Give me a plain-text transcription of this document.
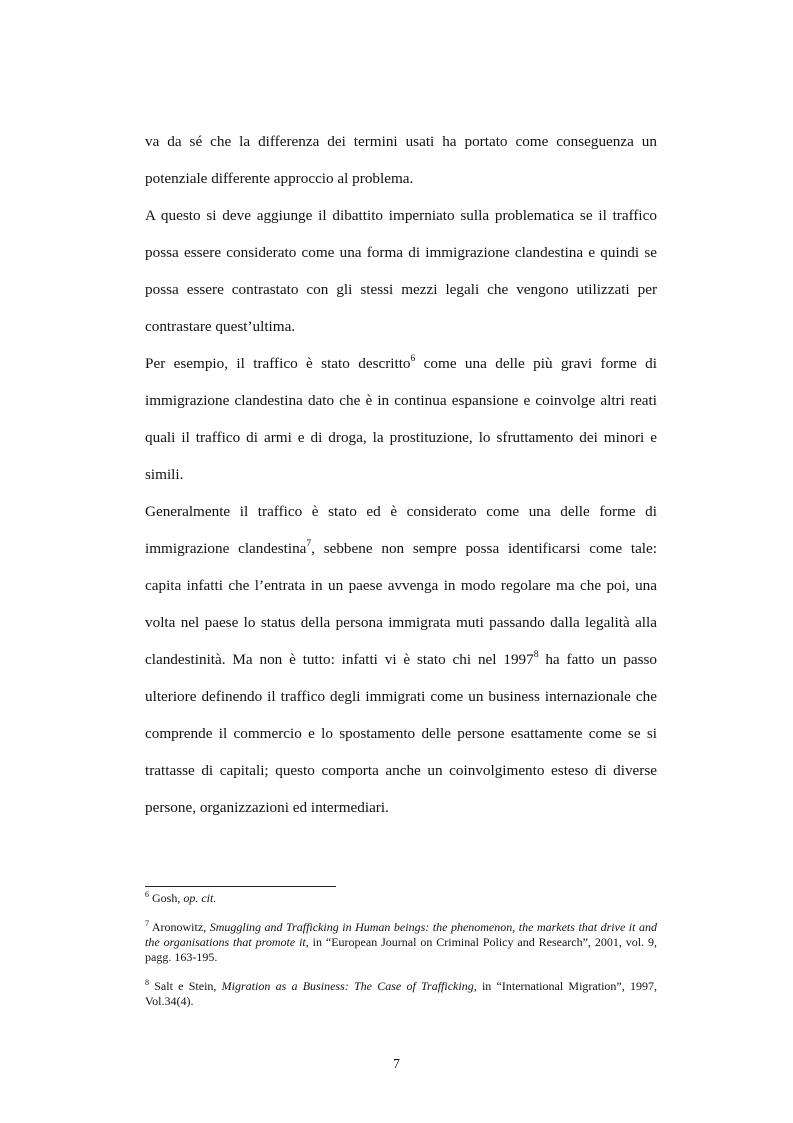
va da sé che la differenza dei termini usati ha portato come conseguenza un potenziale differente approccio al problema.

A questo si deve aggiunge il dibattito imperniato sulla problematica se il traffico possa essere considerato come una forma di immigrazione clandestina e quindi se possa essere contrastato con gli stessi mezzi legali che vengono utilizzati per contrastare quest’ultima.

Per esempio, il traffico è stato descritto$^6$ come una delle più gravi forme di immigrazione clandestina dato che è in continua espansione e coinvolge altri reati quali il traffico di armi e di droga, la prostituzione, lo sfruttamento dei minori e simili.

Generalmente il traffico è stato ed è considerato come una delle forme di immigrazione clandestina$^7$, sebbene non sempre possa identificarsi come tale: capita infatti che l’entrata in un paese avvenga in modo regolare ma che poi, una volta nel paese lo status della persona immigrata muti passando dalla legalità alla clandestinità. Ma non è tutto: infatti vi è stato chi nel 1997$^8$ ha fatto un passo ulteriore definendo il traffico degli immigrati come un business internazionale che comprende il commercio e lo spostamento delle persone esattamente come se si trattasse di capitali; questo comporta anche un coinvolgimento esteso di diverse persone, organizzazioni ed intermediari.

$^6$ Gosh, op. cit.

$^7$ Aronowitz, Smuggling and Trafficking in Human beings: the phenomenon, the markets that drive it and the organisations that promote it, in “European Journal on Criminal Policy and Research”, 2001, vol. 9, pagg. 163-195.

$^8$ Salt e Stein, Migration as a Business: The Case of Trafficking, in “International Migration”, 1997, Vol.34(4).

7
